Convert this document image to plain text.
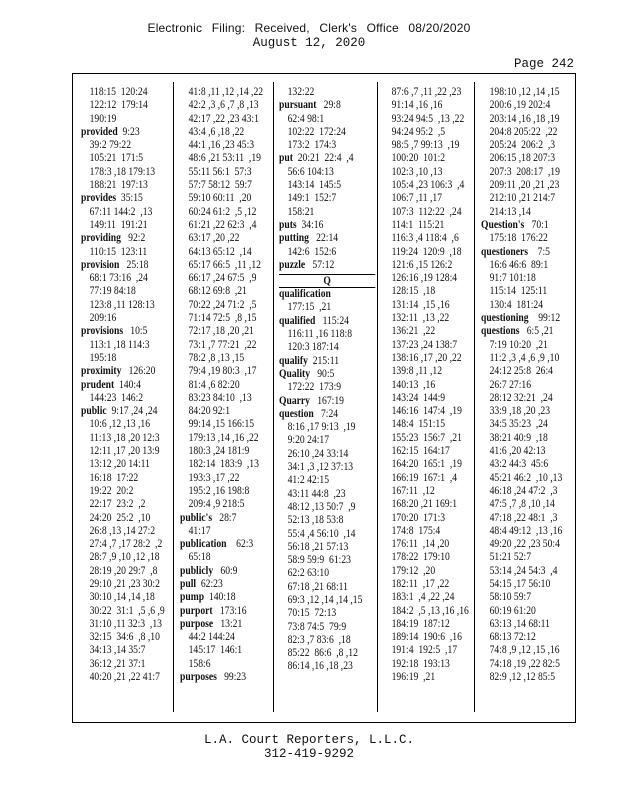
Electronic Filing: Received, Clerk's Office 08/20/2020
August 12, 2020
Page 242
118:15  120:24
122:12  179:14
190:19
provided  9:23
39:2 79:22
105:21  171:5
178:3 ,18 179:13
188:21  197:13
provides  35:15
67:11 144:2  ,13
149:11  191:21
providing   92:2
110:15  123:11
provision   25:18
68:1 73:16  ,24
77:19 84:18
123:8 ,11 128:13
209:16
provisions   10:5
113:1 ,18 114:3
195:18
proximity   126:20
prudent  140:4
144:23  146:2
public  9:17 ,24 ,24
10:6 ,12 ,13 ,16
11:13 ,18 ,20 12:3
12:11 ,17 ,20 13:9
13:12 ,20 14:11
16:18  17:22
19:22  20:2
22:17  23:2  ,2
24:20  25:2  ,10
26:8 ,13 ,14 27:2
27:4 ,7 ,17 28:2  ,2
28:7 ,9 ,10 ,12 ,18
28:19 ,20 29:7  ,8
29:10 ,21 ,23 30:2
30:10 ,14 ,14 ,18
30:22  31:1  ,5 ,6 ,9
31:10 ,11 32:3  ,13
32:15  34:6  ,8 ,10
34:13 ,14 35:7
36:12 ,21 37:1
40:20 ,21 ,22 41:7
41:8 ,11 ,12 ,14 ,22
42:2 ,3 ,6 ,7 ,8 ,13
42:17 ,22 ,23 43:1
43:4 ,6 ,18 ,22
44:1 ,16 ,23 45:3
48:6 ,21 53:11  ,19
55:11 56:1  57:3
57:7 58:12  59:7
59:10 60:11  ,20
60:24 61:2  ,5 ,12
61:21 ,22 62:3  ,4
63:17 ,20 ,22
64:13 65:12  ,14
65:17 66:5  ,11 ,12
66:17 ,24 67:5  ,9
68:12 69:8  ,21
70:22 ,24 71:2  ,5
71:14 72:5  ,8 ,15
72:17 ,18 ,20 ,21
73:1 ,7 77:21  ,22
78:2 ,8 ,13 ,15
79:4 ,19 80:3  ,17
81:4 ,6 82:20
83:23 84:10  ,13
84:20 92:1
99:14 ,15 166:15
179:13 ,14 ,16 ,22
180:3 ,24 181:9
182:14  183:9  ,13
193:3 ,17 ,22
195:2 ,16 198:8
209:4 ,9 218:5
public's   28:7
41:17
publication    62:3
65:18
publicly   60:9
pull  62:23
pump  140:18
purport   173:16
purpose   13:21
44:2 144:24
145:17  146:1
158:6
purposes   99:23
132:22
pursuant   29:8
62:4 98:1
102:22  172:24
173:2  174:3
put  20:21  22:4  ,4
56:6 104:13
143:14  145:5
149:1  152:7
158:21
puts  34:16
putting   22:14
142:6  152:6
puzzle   57:12
Q
qualification
177:15  ,21
qualified   115:24
116:11 ,16 118:8
120:3 187:14
qualify  215:11
Quality   90:5
172:22  173:9
Quarry   167:19
question   7:24
8:16 ,17 9:13  ,19
9:20 24:17
26:10 ,24 33:14
34:1 ,3 ,12 37:13
41:2 42:15
43:11 44:8  ,23
48:12 ,13 50:7  ,9
52:13 ,18 53:8
55:4 ,4 56:10  ,14
56:18 ,21 57:13
58:9 59:9  61:23
62:2 63:10
67:18 ,21 68:11
69:3 ,12 ,14 ,14 ,15
70:15  72:13
73:8 74:5  79:9
82:3 ,7 83:6  ,18
85:22  86:6  ,8 ,12
86:14 ,16 ,18 ,23
87:6 ,7 ,11 ,22 ,23
91:14 ,16 ,16
93:24 94:5  ,13 ,22
94:24 95:2  ,5
98:5 ,7 99:13  ,19
100:20  101:2
102:3 ,10 ,13
105:4 ,23 106:3  ,4
106:7 ,11 ,17
107:3  112:22  ,24
114:1  115:21
116:3 ,4 118:4  ,6
119:24  120:9  ,18
121:6 ,15 126:2
126:16 ,19 128:4
128:15  ,18
131:14  ,15 ,16
132:11  ,13 ,22
136:21  ,22
137:23 ,24 138:7
138:16 ,17 ,20 ,22
139:8 ,11 ,12
140:13  ,16
143:24  144:9
146:16  147:4  ,19
148:4  151:15
155:23  156:7  ,21
162:15  164:17
164:20  165:1  ,19
166:19  167:1  ,4
167:11  ,12
168:20 ,21 169:1
170:20  171:3
174:8  175:4
176:11  ,14 ,20
178:22  179:10
179:12  ,20
182:11  ,17 ,22
183:1  ,4 ,22 ,24
184:2  ,5 ,13 ,16 ,16
184:19  187:12
189:14  190:6  ,16
191:4  192:5  ,17
192:18  193:13
196:19  ,21
198:10 ,12 ,14 ,15
200:6 ,19 202:4
203:14 ,16 ,18 ,19
204:8 205:22  ,22
205:24  206:2  ,3
206:15 ,18 207:3
207:3  208:17  ,19
209:11 ,20 ,21 ,23
212:10 ,21 214:7
214:13 ,14
Question's   70:1
175:18  176:22
questioners    7:5
16:6 46:6  89:1
91:7 101:18
115:14  125:11
130:4  181:24
questioning    99:12
questions   6:5 ,21
7:19 10:20  ,21
11:2 ,3 ,4 ,6 ,9 ,10
24:12 25:8  26:4
26:7 27:16
28:12 32:21  ,24
33:9 ,18 ,20 ,23
34:5 35:23  ,24
38:21 40:9  ,18
41:6 ,20 42:13
43:2 44:3  45:6
45:21 46:2  ,10 ,13
46:18 ,24 47:2  ,3
47:5 ,7 ,8 ,10 ,14
47:18 ,22 48:1  ,3
48:4 49:12  ,13 ,16
49:20 ,22 ,23 50:4
51:21 52:7
53:14 ,24 54:3  ,4
54:15 ,17 56:10
58:10 59:7
60:19 61:20
63:13 ,14 68:11
68:13 72:12
74:8 ,9 ,12 ,15 ,16
74:18 ,19 ,22 82:5
82:9 ,12 ,12 85:5
L.A. Court Reporters, L.L.C.
312-419-9292
